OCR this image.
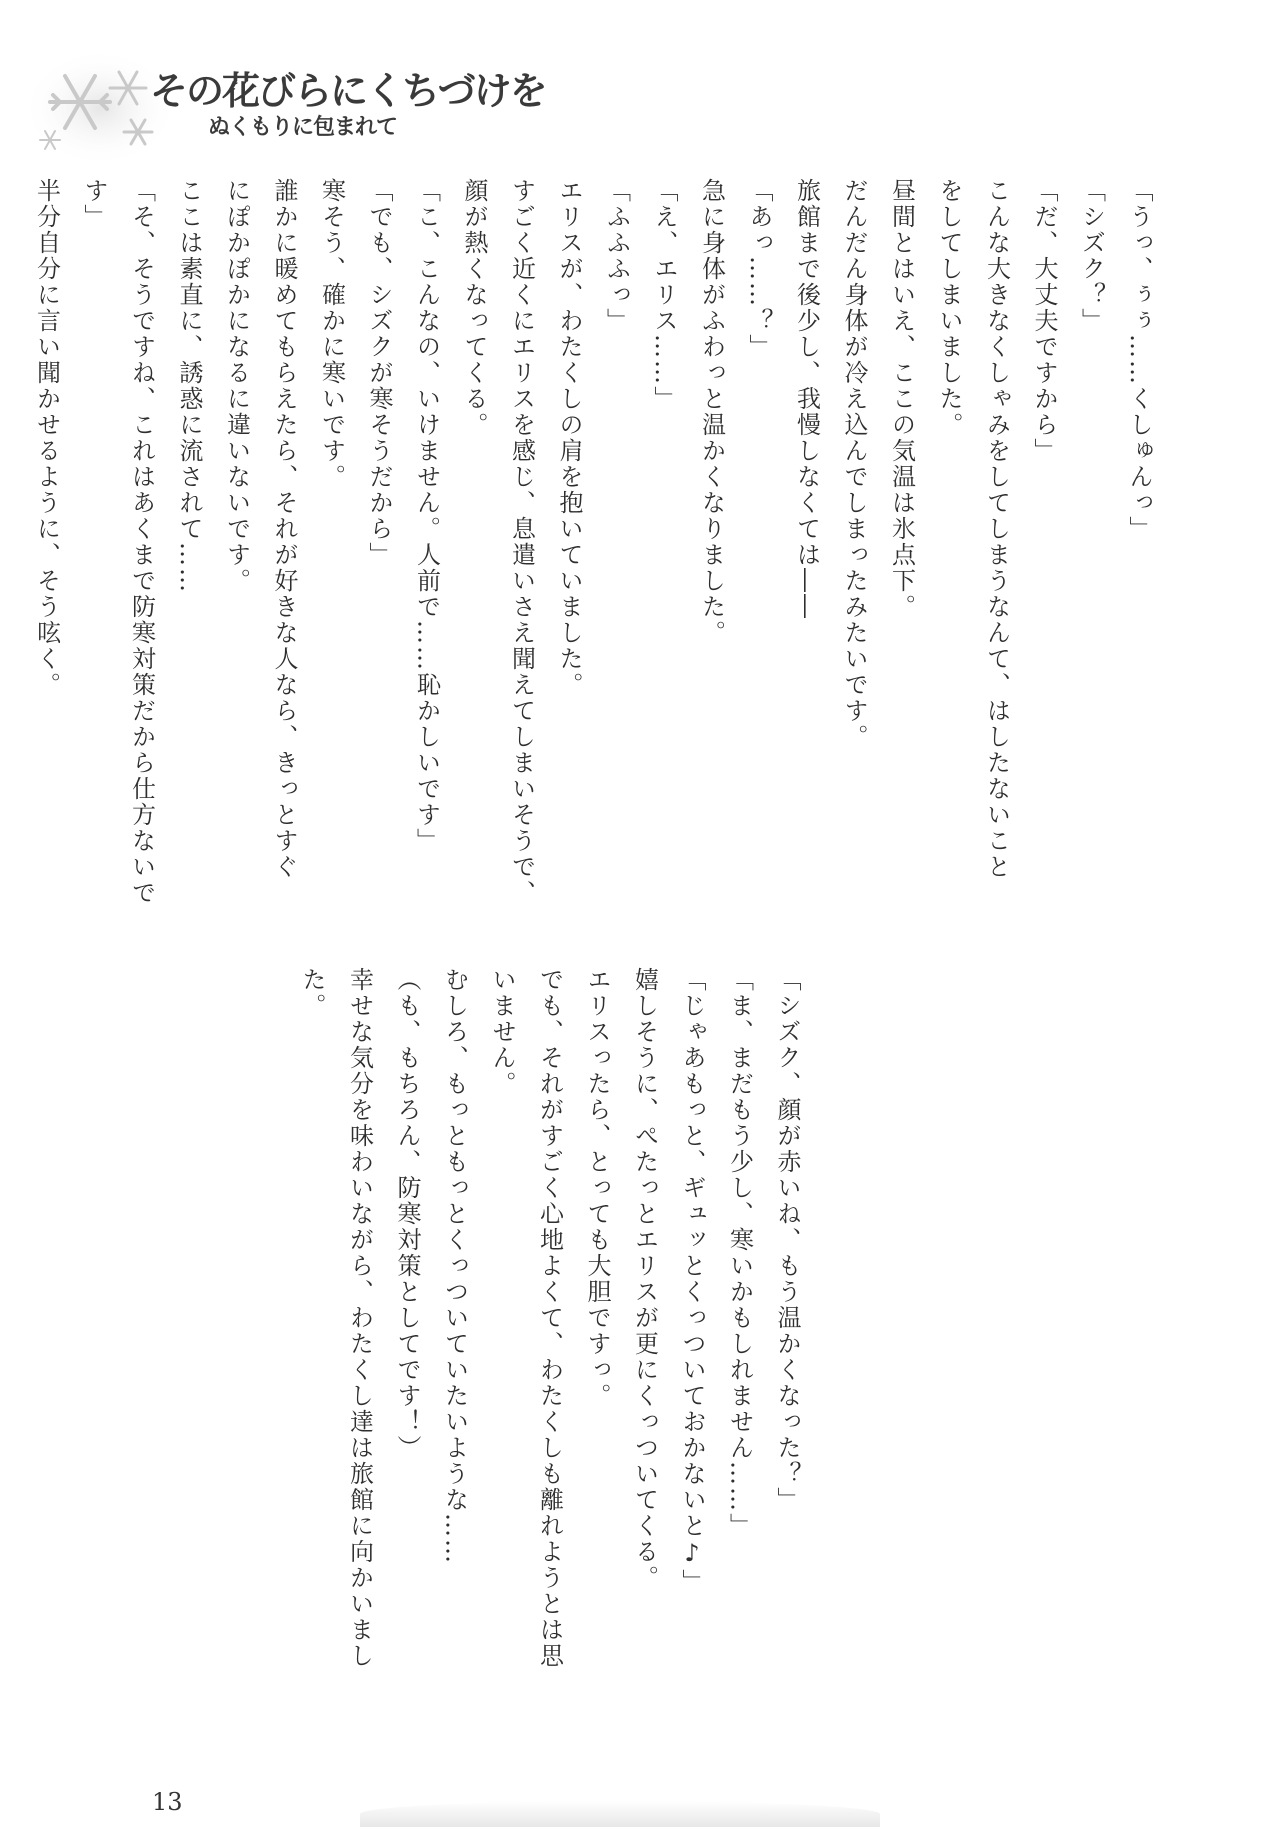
その花びらにくちづけを
ぬくもりに包まれて

「うっ、ぅぅ……くしゅんっ」

「シズク？」

「だ、大丈夫ですから」

こんな大きなくしゃみをしてしまうなんて、はしたないこと

をしてしまいました。

昼間とはいえ、ここの気温は氷点下。

だんだん身体が冷え込んでしまったみたいです。

旅館まで後少し、我慢しなくては――

「あっ……？」

急に身体がふわっと温かくなりました。

「え、エリス……」

「ふふふっ」

エリスが、わたくしの肩を抱いていました。

すごく近くにエリスを感じ、息遣いさえ聞えてしまいそうで、

顔が熱くなってくる。

「こ、こんなの、いけません。人前で……恥かしいです」

「でも、シズクが寒そうだから」

寒そう、確かに寒いです。

誰かに暖めてもらえたら、それが好きな人なら、きっとすぐ

にぽかぽかになるに違いないです。

ここは素直に、誘惑に流されて……

「そ、そうですね、これはあくまで防寒対策だから仕方ないで

す」

半分自分に言い聞かせるように、そう呟く。

「シズク、顔が赤いね、もう温かくなった？」

「ま、まだもう少し、寒いかもしれません……」

「じゃあもっと、ギュッとくっついておかないと♪」

嬉しそうに、ぺたっとエリスが更にくっついてくる。

エリスったら、とっても大胆ですっ。

でも、それがすごく心地よくて、わたくしも離れようとは思

いません。

むしろ、もっともっとくっついていたいような……

（も、もちろん、防寒対策としてです！）

幸せな気分を味わいながら、わたくし達は旅館に向かいまし

た。

13
